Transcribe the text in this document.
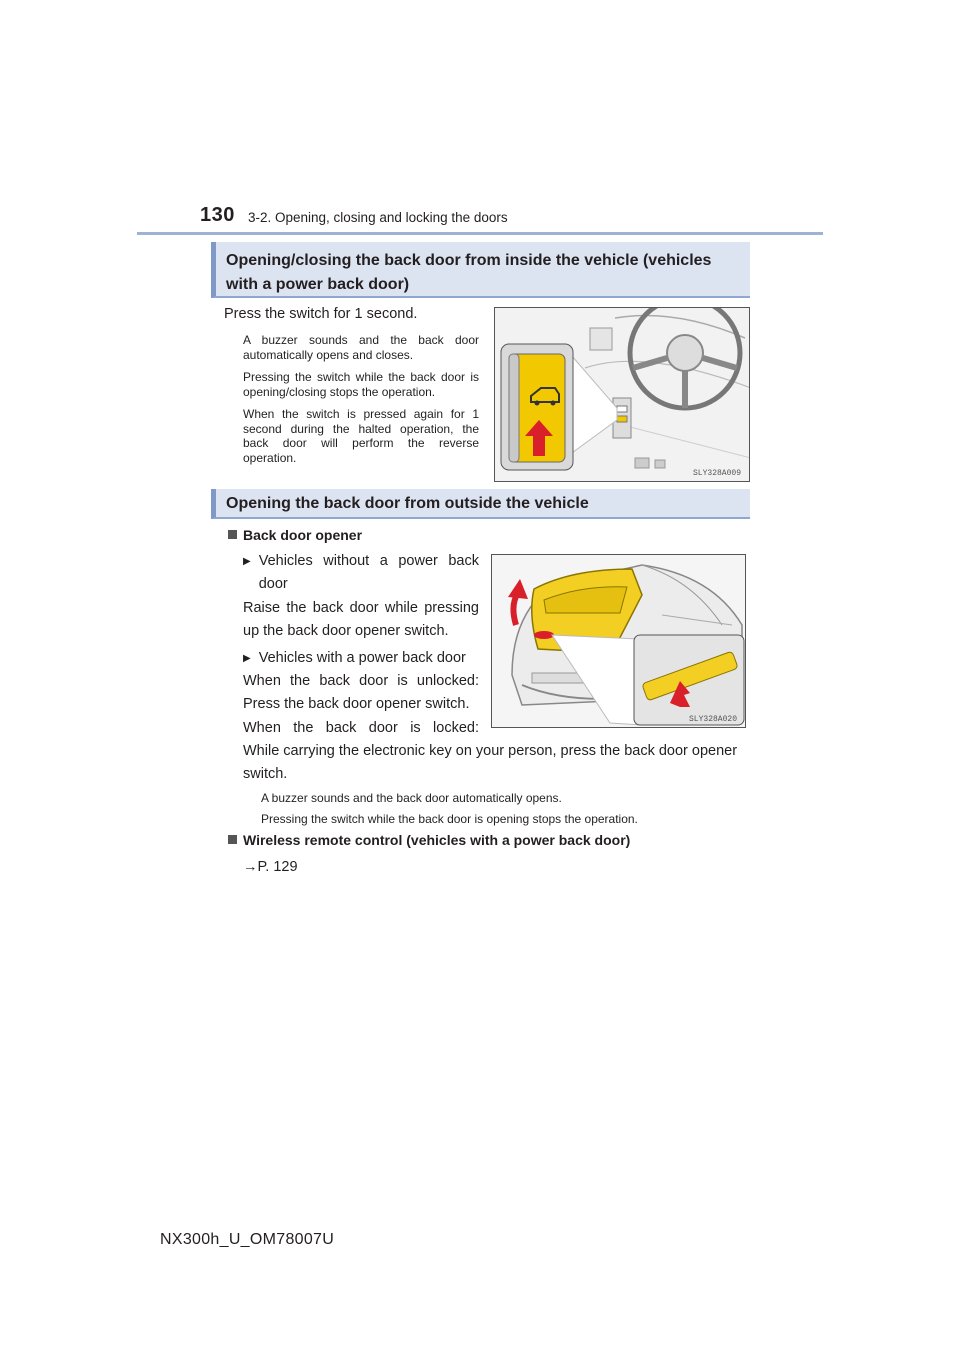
130 3-2. Opening, closing and locking the doors
Opening/closing the back door from inside the vehicle (vehicles with a power back door)
Press the switch for 1 second.
A buzzer sounds and the back door automatically opens and closes.
Pressing the switch while the back door is opening/closing stops the operation.
When the switch is pressed again for 1 second during the halted operation, the back door will perform the reverse operation.
SLY328A009
Opening the back door from outside the vehicle
Back door opener
▶ Vehicles without a power back door
Raise the back door while pressing up the back door opener switch.
▶ Vehicles with a power back door
When the back door is unlocked: Press the back door opener switch.
When the back door is locked:
While carrying the electronic key on your person, press the back door opener switch.
SLY328A020
A buzzer sounds and the back door automatically opens.
Pressing the switch while the back door is opening stops the operation.
Wireless remote control (vehicles with a power back door)
→P. 129
NX300h_U_OM78007U
